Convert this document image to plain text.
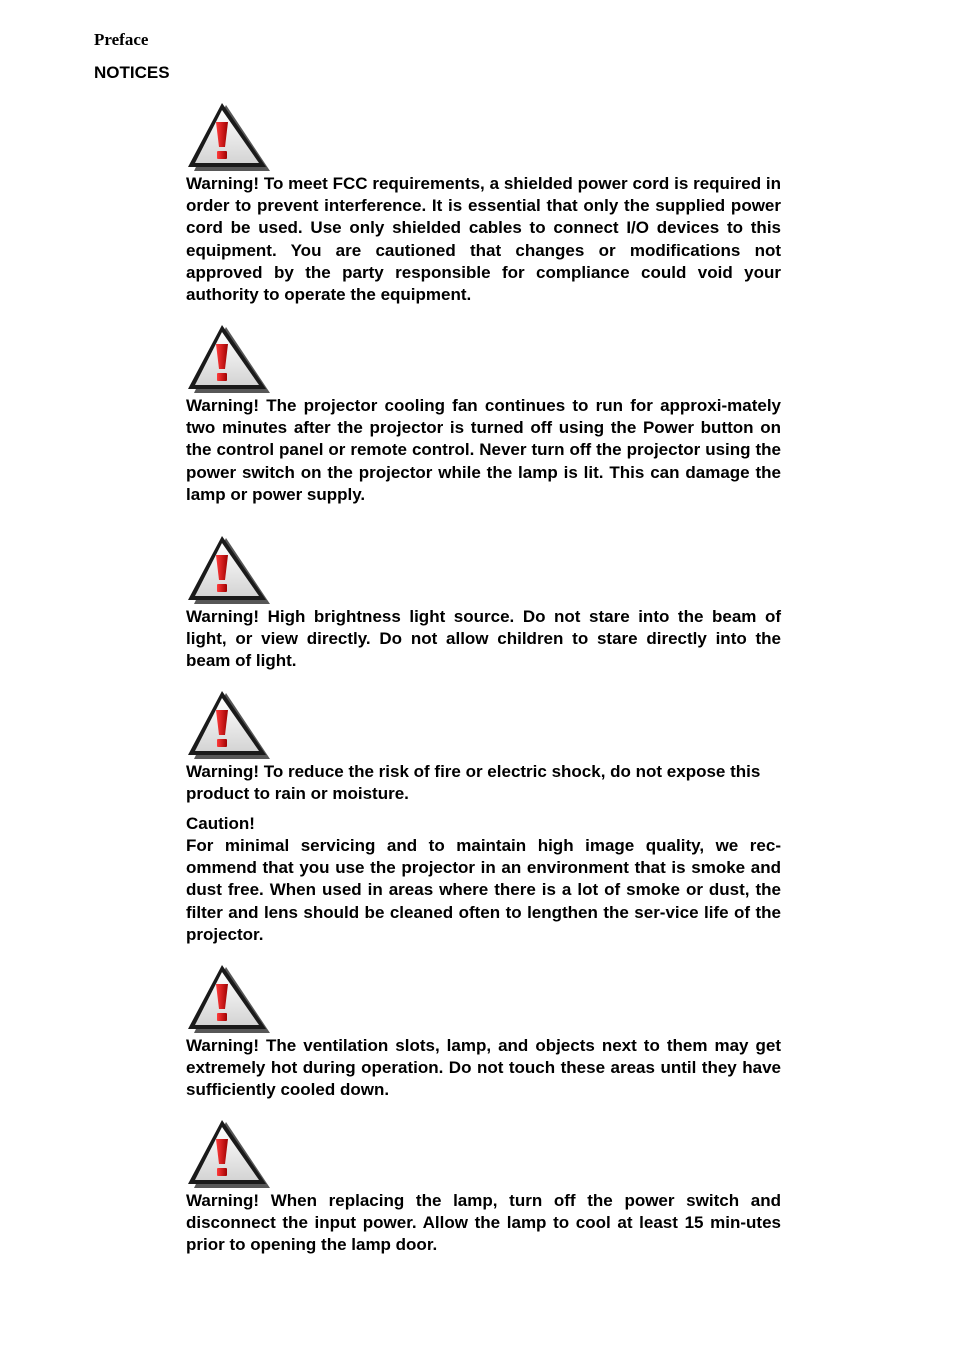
Preface
NOTICES

Warning! To meet FCC requirements, a shielded power cord is required in order to prevent interference. It is essential that only the supplied power cord be used. Use only shielded cables to connect I/O devices to this equipment. You are cautioned that changes or modifications not approved by the party responsible for compliance could void your authority to operate the equipment.

Warning! The projector cooling fan continues to run for approxi-mately two minutes after the projector is turned off using the Power button on the control panel or remote control. Never turn off the projector using the power switch on the projector while the lamp is lit. This can damage the lamp or power supply.

Warning! High brightness light source. Do not stare into the beam of light, or view directly. Do not allow children to stare directly into the beam of light.

Warning! To reduce the risk of fire or electric shock, do not expose this product to rain or moisture.

Caution!

For minimal servicing and to maintain high image quality, we rec-ommend that you use the projector in an environment that is smoke and dust free. When used in areas where there is a lot of smoke or dust, the filter and lens should be cleaned often to lengthen the ser-vice life of the projector.

Warning! The ventilation slots, lamp, and objects next to them may get extremely hot during operation. Do not touch these areas until they have sufficiently cooled down.

Warning! When replacing the lamp, turn off the power switch and disconnect the input power. Allow the lamp to cool at least 15 min-utes prior to opening the lamp door.
